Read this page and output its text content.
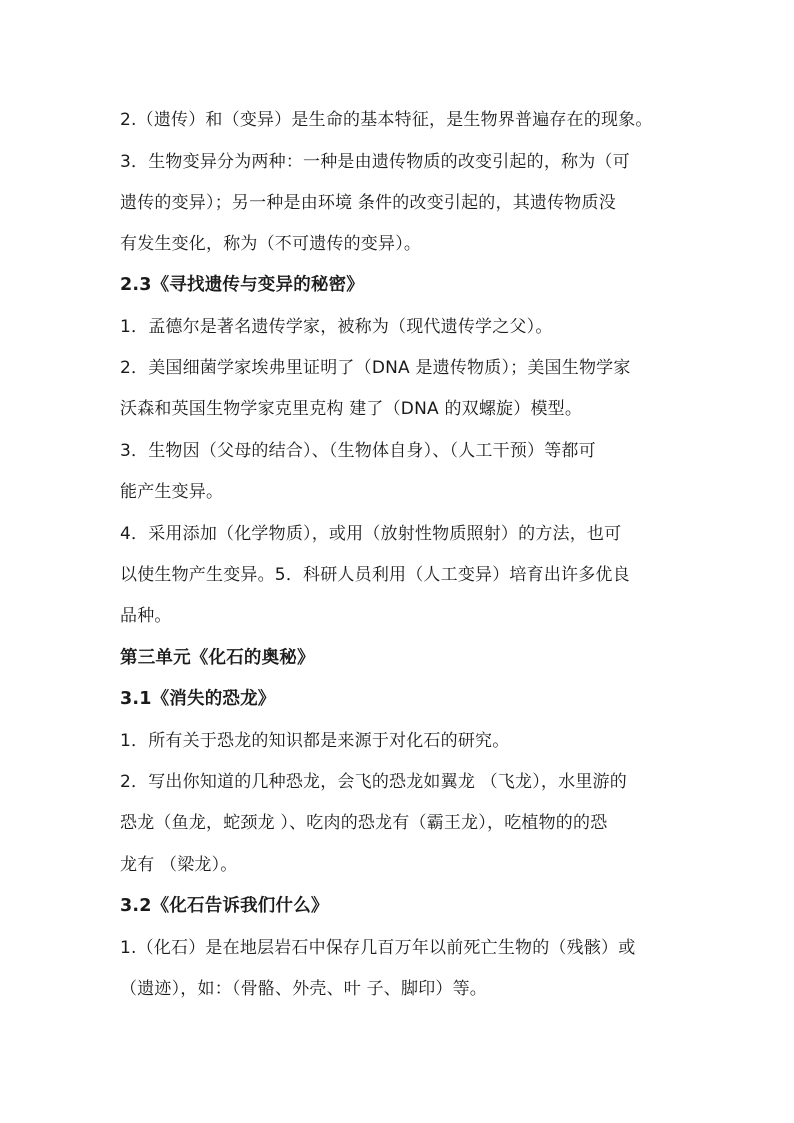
2.（遗传）和（变异）是生命的基本特征，是生物界普遍存在的现象。
3．生物变异分为两种：一种是由遗传物质的改变引起的，称为（可
遗传的变异）；另一种是由环境 条件的改变引起的，其遗传物质没
有发生变化，称为（不可遗传的变异）。
2.3《寻找遗传与变异的秘密》
1．孟德尔是著名遗传学家，被称为（现代遗传学之父）。
2．美国细菌学家埃弗里证明了（DNA 是遗传物质）；美国生物学家
沃森和英国生物学家克里克构 建了（DNA 的双螺旋）模型。
3．生物因（父母的结合）、（生物体自身）、（人工干预）等都可
能产生变异。
4．采用添加（化学物质），或用（放射性物质照射）的方法，也可
以使生物产生变异。5．科研人员利用（人工变异）培育出许多优良
品种。
第三单元《化石的奥秘》
3.1《消失的恐龙》
1．所有关于恐龙的知识都是来源于对化石的研究。
2．写出你知道的几种恐龙，会飞的恐龙如翼龙 （飞龙），水里游的
恐龙（鱼龙，蛇颈龙 ）、吃肉的恐龙有（霸王龙），吃植物的的恐
龙有 （梁龙）。
3.2《化石告诉我们什么》
1.（化石）是在地层岩石中保存几百万年以前死亡生物的（残骸）或
（遗迹），如：（骨骼、外壳、叶 子、脚印）等。
